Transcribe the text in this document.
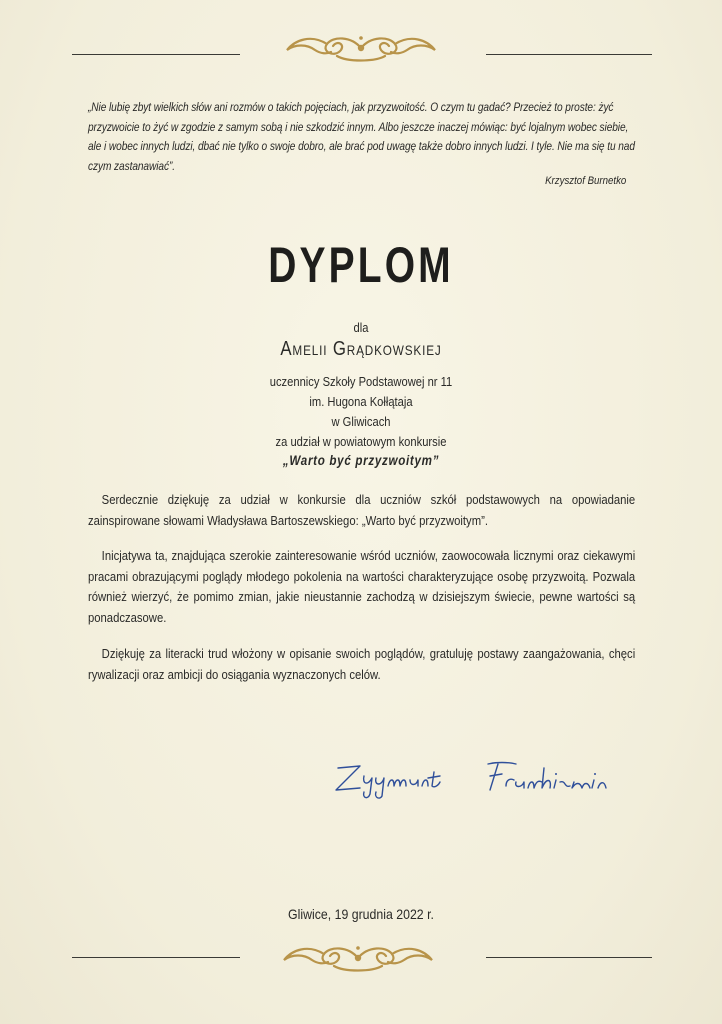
„Nie lubię zbyt wielkich słów ani rozmów o takich pojęciach, jak przyzwoitość. O czym tu gadać? Przecież to proste: żyć przyzwoicie to żyć w zgodzie z samym sobą i nie szkodzić innym. Albo jeszcze inaczej mówiąc: być lojalnym wobec siebie, ale i wobec innych ludzi, dbać nie tylko o swoje dobro, ale brać pod uwagę także dobro innych ludzi. I tyle. Nie ma się tu nad czym zastanawiać”.
Krzysztof Burnetko
DYPLOM
dla
Amelii Grądkowskiej
uczennicy Szkoły Podstawowej nr 11
im. Hugona Kołłątaja
w Gliwicach
za udział w powiatowym konkursie
„Warto być przyzwoitym”

Serdecznie dziękuję za udział w konkursie dla uczniów szkół podstawowych na opowiadanie zainspirowane słowami Władysława Bartoszewskiego: „Warto być przyzwoitym”.

Inicjatywa ta, znajdująca szerokie zainteresowanie wśród uczniów, zaowocowała licznymi oraz ciekawymi pracami obrazującymi poglądy młodego pokolenia na wartości charakteryzujące osobę przyzwoitą. Pozwala również wierzyć, że pomimo zmian, jakie nieustannie zachodzą w dzisiejszym świecie, pewne wartości są ponadczasowe.

Dziękuję za literacki trud włożony w opisanie swoich poglądów, gratuluję postawy zaangażowania, chęci rywalizacji oraz ambicji do osiągania wyznaczonych celów.

Gliwice, 19 grudnia 2022 r.
